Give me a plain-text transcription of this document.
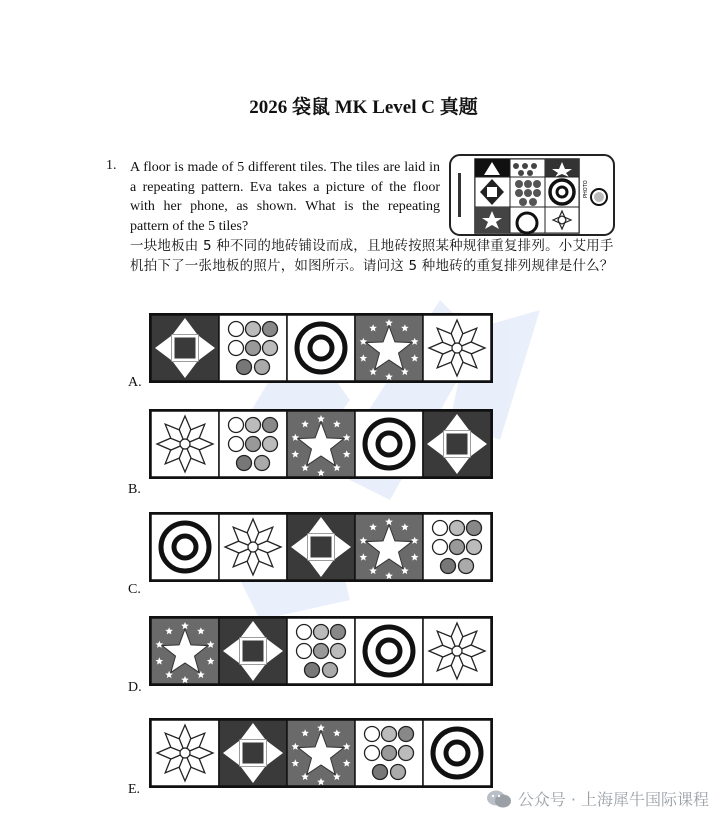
2026 袋鼠 MK Level C 真题
1. A floor is made of 5 different tiles. The tiles are laid in a repeating pattern. Eva takes a picture of the floor with her phone, as shown. What is the repeating pattern of the 5 tiles?
一块地板由 5 种不同的地砖铺设而成，且地砖按照某种规律重复排列。小艾用手机拍下了一张地板的照片，如图所示。请问这 5 种地砖的重复排列规律是什么？
PHOTO
A.
B.
C.
D.
E.
公众号 · 上海犀牛国际课程
